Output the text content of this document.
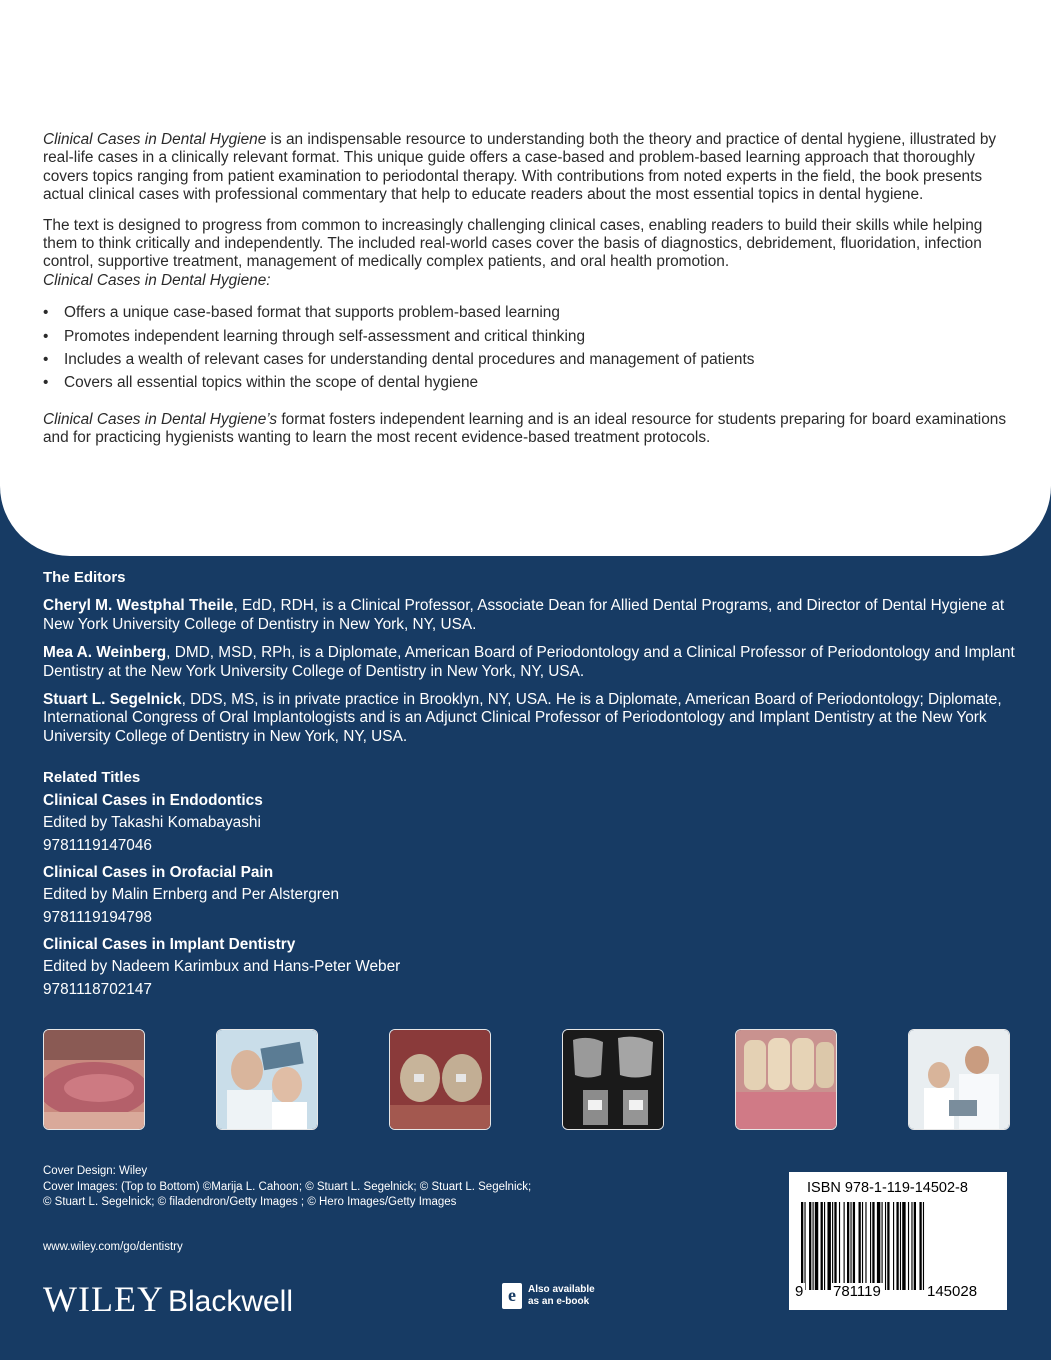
Clinical Cases in Dental Hygiene is an indispensable resource to understanding both the theory and practice of dental hygiene, illustrated by real-life cases in a clinically relevant format. This unique guide offers a case-based and problem-based learning approach that thoroughly covers topics ranging from patient examination to periodontal therapy. With contributions from noted experts in the field, the book presents actual clinical cases with professional commentary that help to educate readers about the most essential topics in dental hygiene.

The text is designed to progress from common to increasingly challenging clinical cases, enabling readers to build their skills while helping them to think critically and independently. The included real-world cases cover the basis of diagnostics, debridement, fluoridation, infection control, supportive treatment, management of medically complex patients, and oral health promotion.
Clinical Cases in Dental Hygiene:

• Offers a unique case-based format that supports problem-based learning
• Promotes independent learning through self-assessment and critical thinking
• Includes a wealth of relevant cases for understanding dental procedures and management of patients
• Covers all essential topics within the scope of dental hygiene

Clinical Cases in Dental Hygiene’s format fosters independent learning and is an ideal resource for students preparing for board examinations and for practicing hygienists wanting to learn the most recent evidence-based treatment protocols.

The Editors

Cheryl M. Westphal Theile, EdD, RDH, is a Clinical Professor, Associate Dean for Allied Dental Programs, and Director of Dental Hygiene at New York University College of Dentistry in New York, NY, USA.

Mea A. Weinberg, DMD, MSD, RPh, is a Diplomate, American Board of Periodontology and a Clinical Professor of Periodontology and Implant Dentistry at the New York University College of Dentistry in New York, NY, USA.

Stuart L. Segelnick, DDS, MS, is in private practice in Brooklyn, NY, USA. He is a Diplomate, American Board of Periodontology; Diplomate, International Congress of Oral Implantologists and is an Adjunct Clinical Professor of Periodontology and Implant Dentistry at the New York University College of Dentistry in New York, NY, USA.

Related Titles

Clinical Cases in Endodontics

Edited by Takashi Komabayashi

9781119147046

Clinical Cases in Orofacial Pain

Edited by Malin Ernberg and Per Alstergren

9781119194798

Clinical Cases in Implant Dentistry

Edited by Nadeem Karimbux and Hans-Peter Weber

9781118702147

Cover Design: Wiley
Cover Images: (Top to Bottom) ©Marija L. Cahoon; © Stuart L. Segelnick; © Stuart L. Segelnick;
© Stuart L. Segelnick; © filadendron/Getty Images ; © Hero Images/Getty Images
www.wiley.com/go/dentistry
WILEY Blackwell	e	Also available
as an e-book
ISBN 978-1-119-14502-8
9 781119	145028
